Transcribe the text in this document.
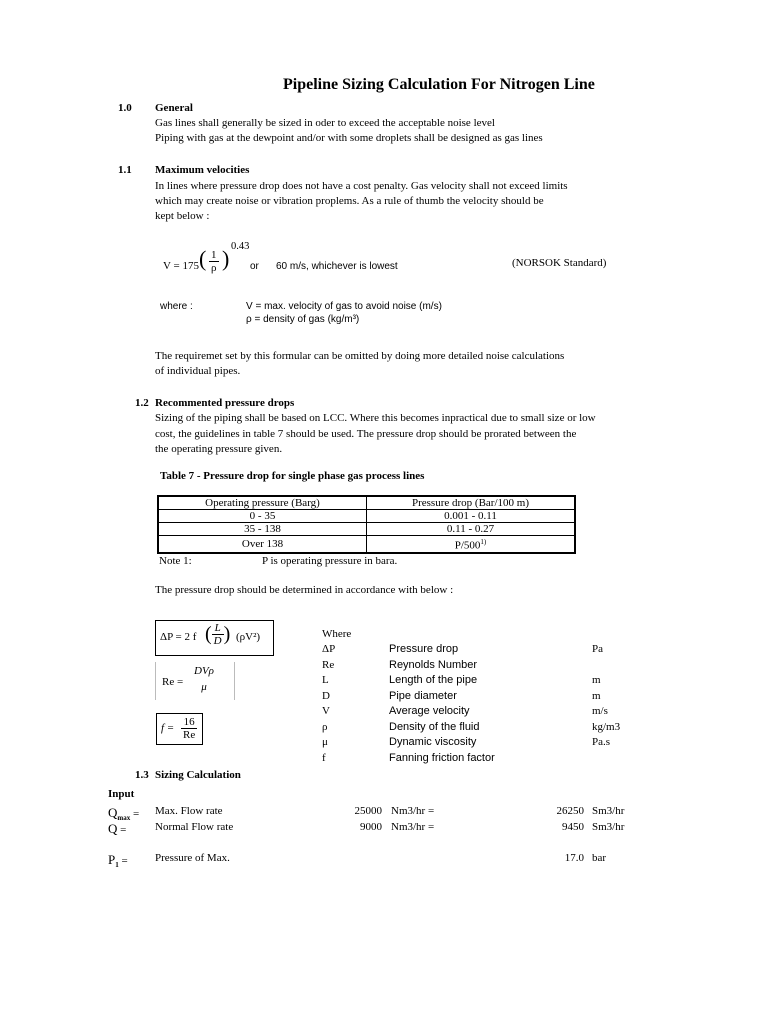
Pipeline Sizing Calculation For Nitrogen Line
1.0 General
Gas lines shall generally be sized in oder to exceed the acceptable noise level
Piping with gas at the dewpoint and/or with some droplets shall be designed as gas lines
1.1 Maximum velocities
In lines where pressure drop does not have a cost penalty. Gas velocity shall not exceed limits
which may create noise or vibration proplems. As a rule of thumb the velocity should be
kept below :
V = 175 ( $\frac{1}{\rho}$ ) 0.43
or 60 m/s, whichever is lowest	(NORSOK Standard)
where :	V = max. velocity of gas to avoid noise (m/s)
ρ = density of gas (kg/m³)
The requiremet set by this formular can be omitted by doing more detailed noise calculations
of individual pipes.
1.2 Recommented pressure drops
Sizing of the piping shall be based on LCC. Where this becomes inpractical due to small size or low
cost, the guidelines in table 7 should be used. The pressure drop should be prorated between the
the operating pressure given.
Table 7 - Pressure drop for single phase gas process lines
Operating pressure (Barg)	Pressure drop (Bar/100 m)
0 - 35	0.001 - 0.11
35 - 138	0.11 - 0.27
Over 138	P/500$^{1)}$
Note 1:	P is operating pressure in bara.
The pressure drop should be determined in accordance with below :
ΔP = 2 f ( $\frac{L}{D}$ ) (ρV²)
Re =
DVρ
μ
$f = \frac{16}{Re}$
Where
ΔP	Pressure drop	Pa
Re	Reynolds Number
L	Length of the pipe	m
D	Pipe diameter	m
V	Average velocity	m/s
ρ	Density of the fluid	kg/m3
μ	Dynamic viscosity	Pa.s
f	Fanning friction factor
1.3 Sizing Calculation
Input
$Q_{max}$ = Max. Flow rate	25000 Nm3/hr =	26250 Sm3/hr
Q =	Normal Flow rate	9000 Nm3/hr =	9450 Sm3/hr
$P_1$ = Pressure of Max.	17.0 bar
